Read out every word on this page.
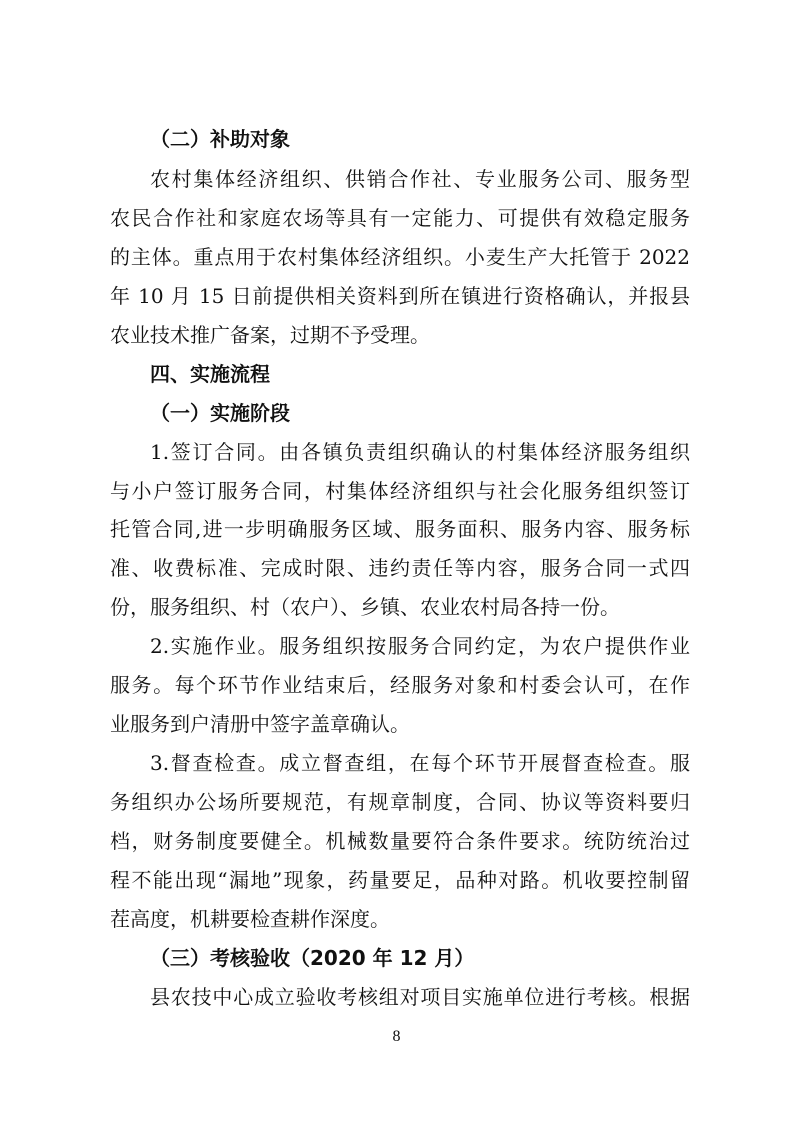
（二）补助对象
农村集体经济组织、供销合作社、专业服务公司、服务型
农民合作社和家庭农场等具有一定能力、可提供有效稳定服务
的主体。重点用于农村集体经济组织。小麦生产大托管于 2022
年 10 月 15 日前提供相关资料到所在镇进行资格确认，并报县
农业技术推广备案，过期不予受理。
四、实施流程
（一）实施阶段
1.签订合同。由各镇负责组织确认的村集体经济服务组织
与小户签订服务合同，村集体经济组织与社会化服务组织签订
托管合同,进一步明确服务区域、服务面积、服务内容、服务标
准、收费标准、完成时限、违约责任等内容，服务合同一式四
份，服务组织、村（农户）、乡镇、农业农村局各持一份。
2.实施作业。服务组织按服务合同约定，为农户提供作业
服务。每个环节作业结束后，经服务对象和村委会认可，在作
业服务到户清册中签字盖章确认。
3.督查检查。成立督查组，在每个环节开展督查检查。服
务组织办公场所要规范，有规章制度，合同、协议等资料要归
档，财务制度要健全。机械数量要符合条件要求。统防统治过
程不能出现“漏地”现象，药量要足，品种对路。机收要控制留
茬高度，机耕要检查耕作深度。
（三）考核验收（2020 年 12 月）
县农技中心成立验收考核组对项目实施单位进行考核。根据
8
